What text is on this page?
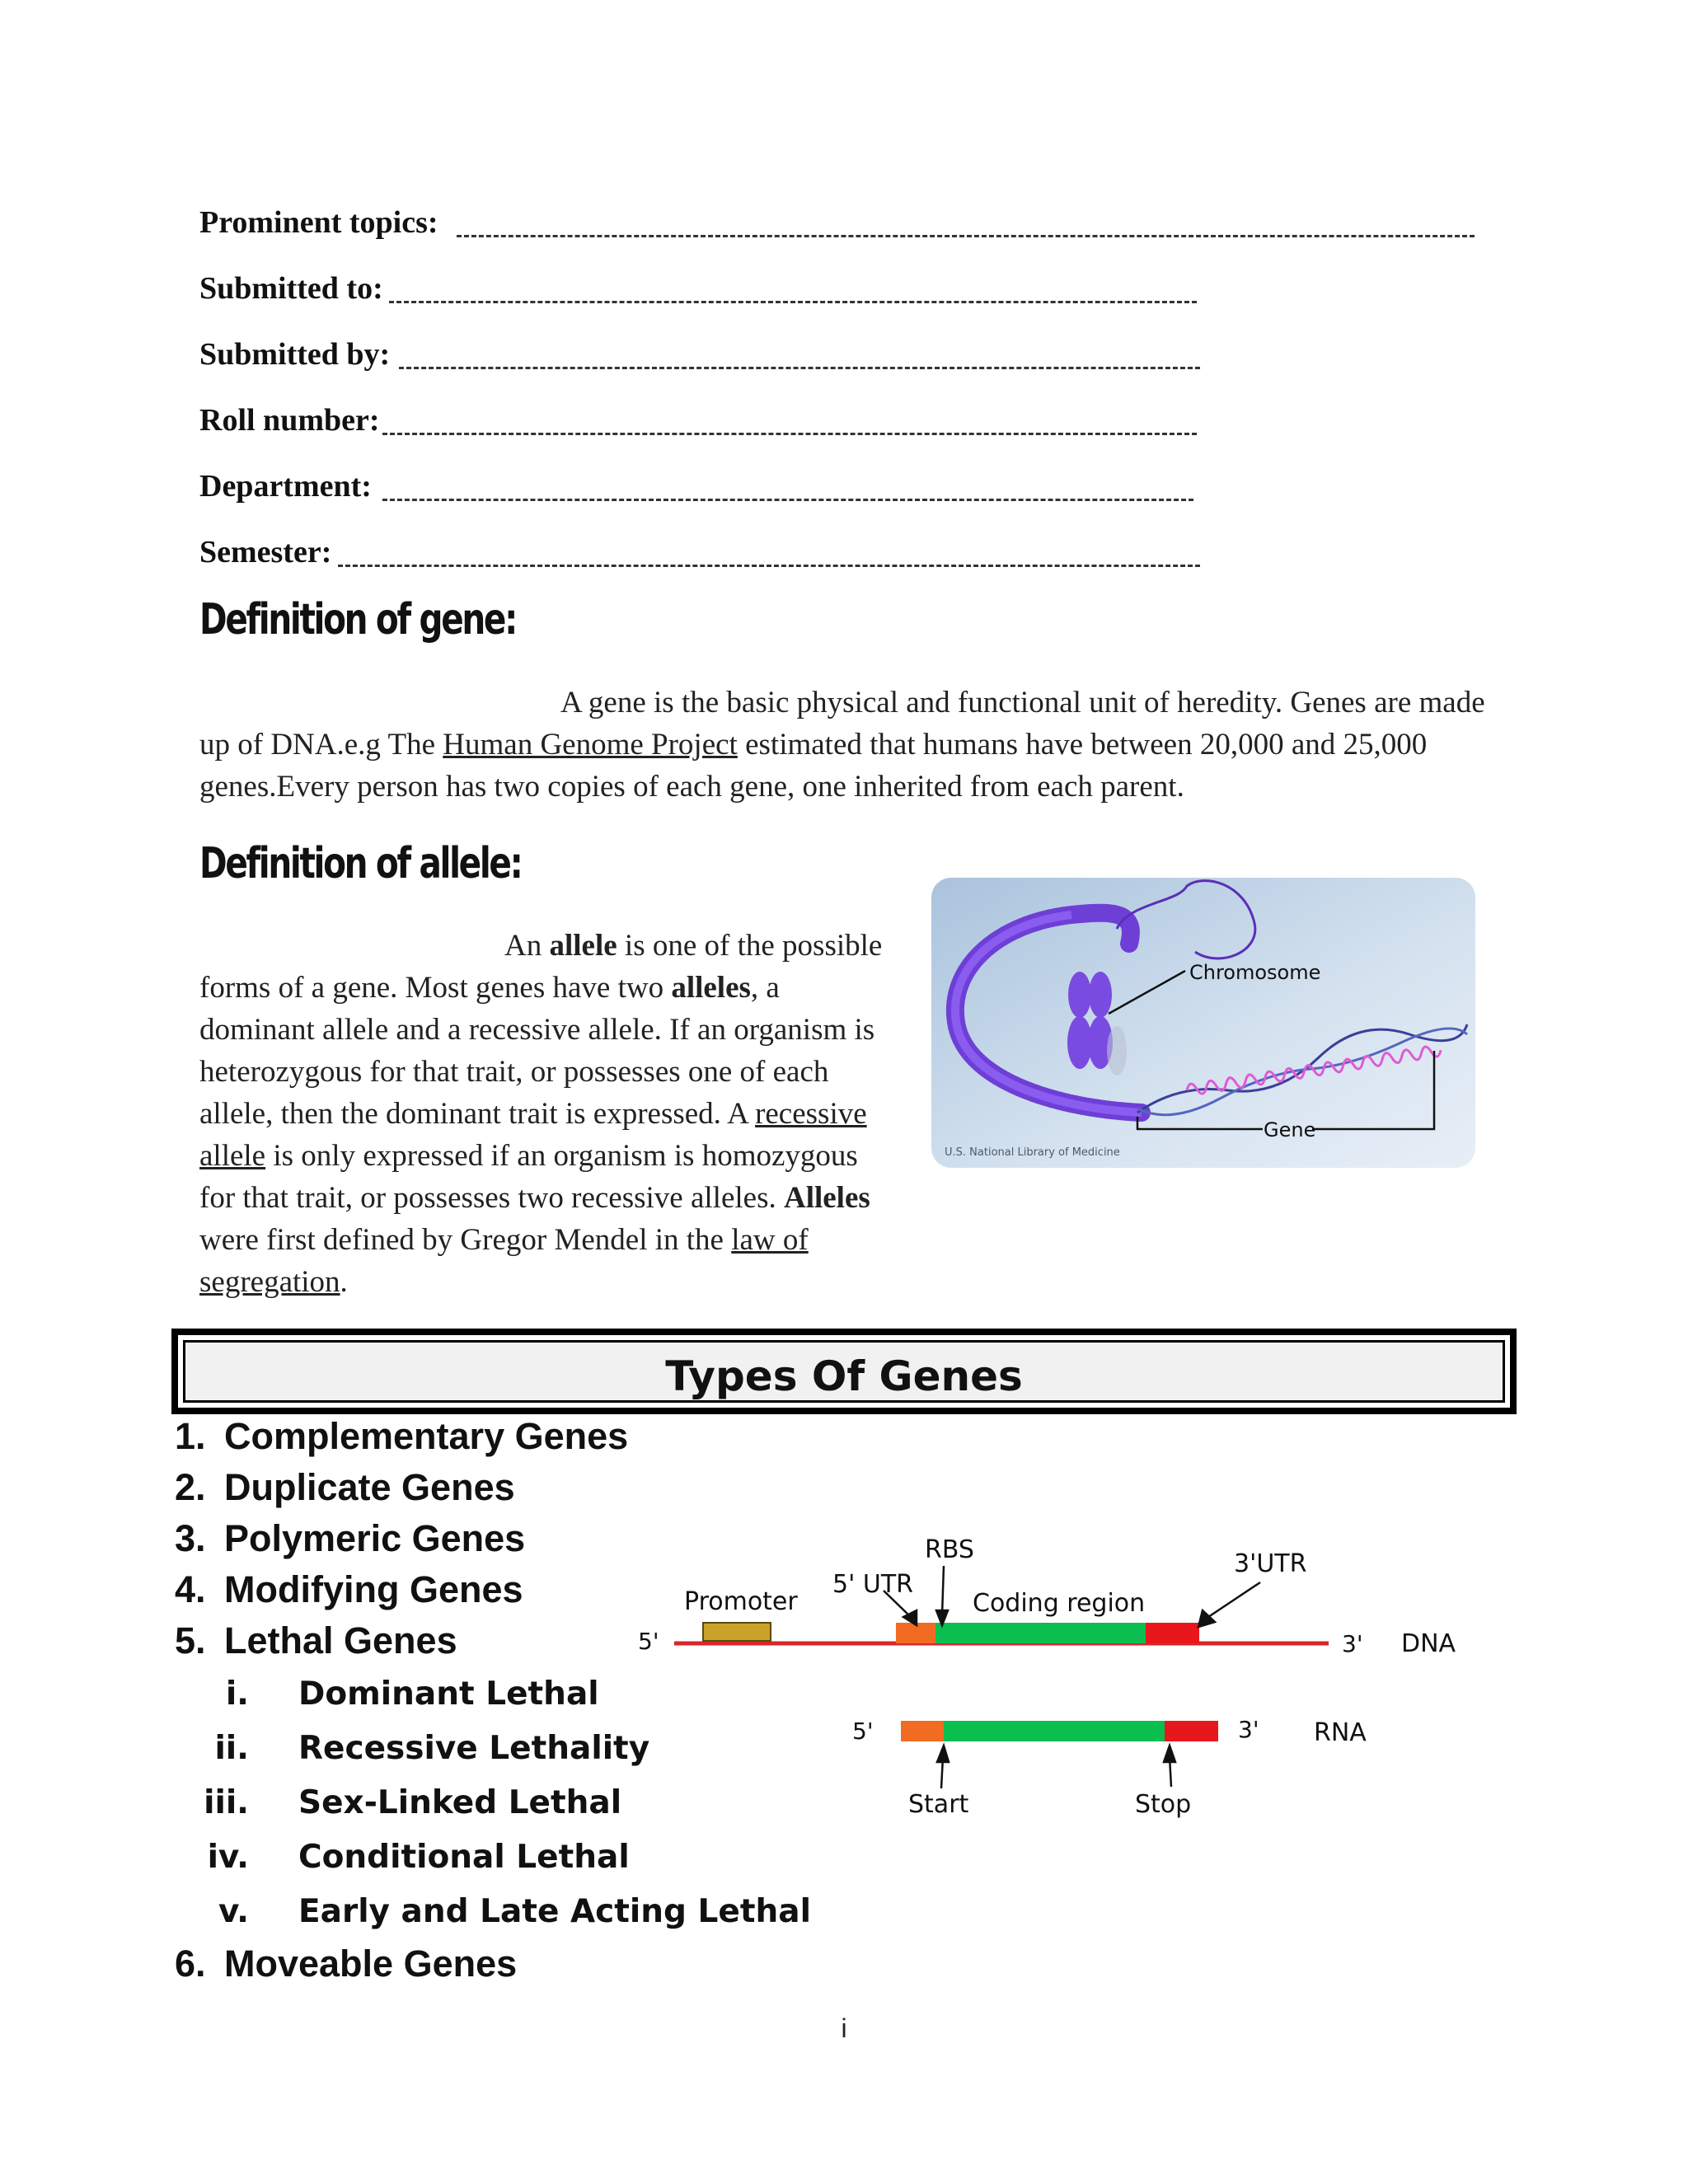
Prominent topics:
Submitted to:
Submitted by:
Roll number:
Department:
Semester:
Definition of gene:
A gene is the basic physical and functional unit of heredity. Genes are made up of DNA.e.g The Human Genome Project estimated that humans have between 20,000 and 25,000 genes.Every person has two copies of each gene, one inherited from each parent.
Definition of allele:
An allele is one of the possible forms of a gene. Most genes have two alleles, a dominant allele and a recessive allele. If an organism is heterozygous for that trait, or possesses one of each allele, then the dominant trait is expressed. A recessive allele is only expressed if an organism is homozygous for that trait, or possesses two recessive alleles. Alleles were first defined by Gregor Mendel in the law of segregation.
Chromosome
Gene
U.S. National Library of Medicine
Types Of Genes
1. Complementary Genes
2. Duplicate Genes
3. Polymeric Genes
4. Modifying Genes
5. Lethal Genes
i. Dominant Lethal
ii. Recessive Lethality
iii. Sex-Linked Lethal
iv. Conditional Lethal
v. Early and Late Acting Lethal
6. Moveable Genes
RBS	3'UTR
Promoter
5' UTR
Coding region
5'	3' DNA
5'	3' RNA
Start	Stop
i
